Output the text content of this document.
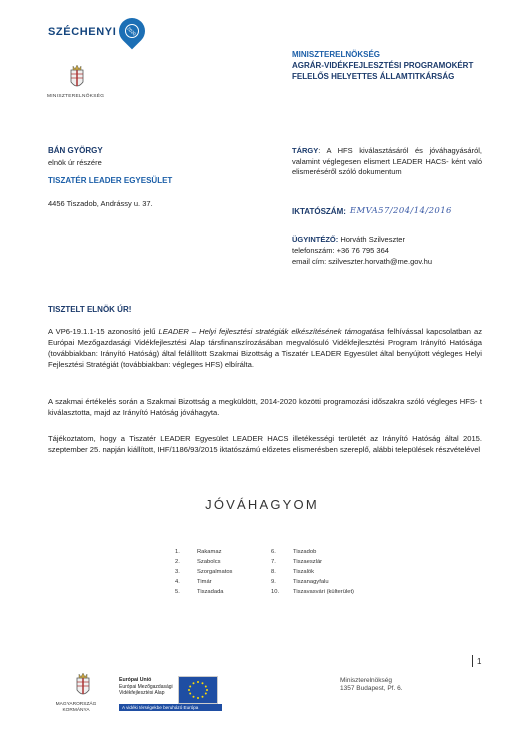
SZÉCHENYI	2020
MINISZTERELNÖKSÉG
MINISZTERELNÖKSÉG
AGRÁR-VIDÉKFEJLESZTÉSI PROGRAMOKÉRT FELELŐS HELYETTES ÁLLAMTITKÁRSÁG
BÁN GYÖRGY
elnök úr részére
TISZATÉR LEADER EGYESÜLET
4456 Tiszadob, Andrássy u. 37.
TÁRGY: A HFS kiválasztásáról és jóváhagyásáról, valamint véglegesen elismert LEADER HACS- ként való elismeréséről szóló dokumentum
IKTATÓSZÁM: EMVA57/204/14/2016
ÜGYINTÉZŐ: Horváth Szilveszter
telefonszám: +36 76 795 364
email cím: szilveszter.horvath@me.gov.hu
TISZTELT ELNÖK ÚR!
A VP6-19.1.1-15 azonosító jelű LEADER – Helyi fejlesztési stratégiák elkészítésének támogatása felhívással kapcsolatban az Európai Mezőgazdasági Vidékfejlesztési Alap társfinanszírozásában megvalósuló Vidékfejlesztési Program Irányító Hatósága (továbbiakban: Irányító Hatóság) által felállított Szakmai Bizottság a Tiszatér LEADER Egyesület által benyújtott végleges Helyi Fejlesztési Stratégiát (továbbiakban: végleges HFS) elbírálta.
A szakmai értékelés során a Szakmai Bizottság a megküldött, 2014-2020 közötti programozási időszakra szóló végleges HFS- t kiválasztotta, majd az Irányító Hatóság jóváhagyta.
Tájékoztatom, hogy a Tiszatér LEADER Egyesület LEADER HACS illetékességi területét az Irányító Hatóság által 2015. szeptember 25. napján kiállított, IHF/1186/93/2015 iktatószámú előzetes elismerésben szereplő, alábbi települések részvételével
JÓVÁHAGYOM
1.	Rakamaz	6.	Tiszadob
2.	Szabolcs	7.	Tiszaeszlár
3.	Szorgalmatos	8.	Tiszalök
4.	Timár	9.	Tiszanagyfalu
5.	Tiszadada	10.	Tiszavasvári (külterület)
1
MAGYARORSZÁG KORMÁNYA
Európai Unió
Európai Mezőgazdasági
Vidékfejlesztési Alap
A vidéki térségekbe beruházó Európa
Miniszterelnökség
1357 Budapest, Pf. 6.
